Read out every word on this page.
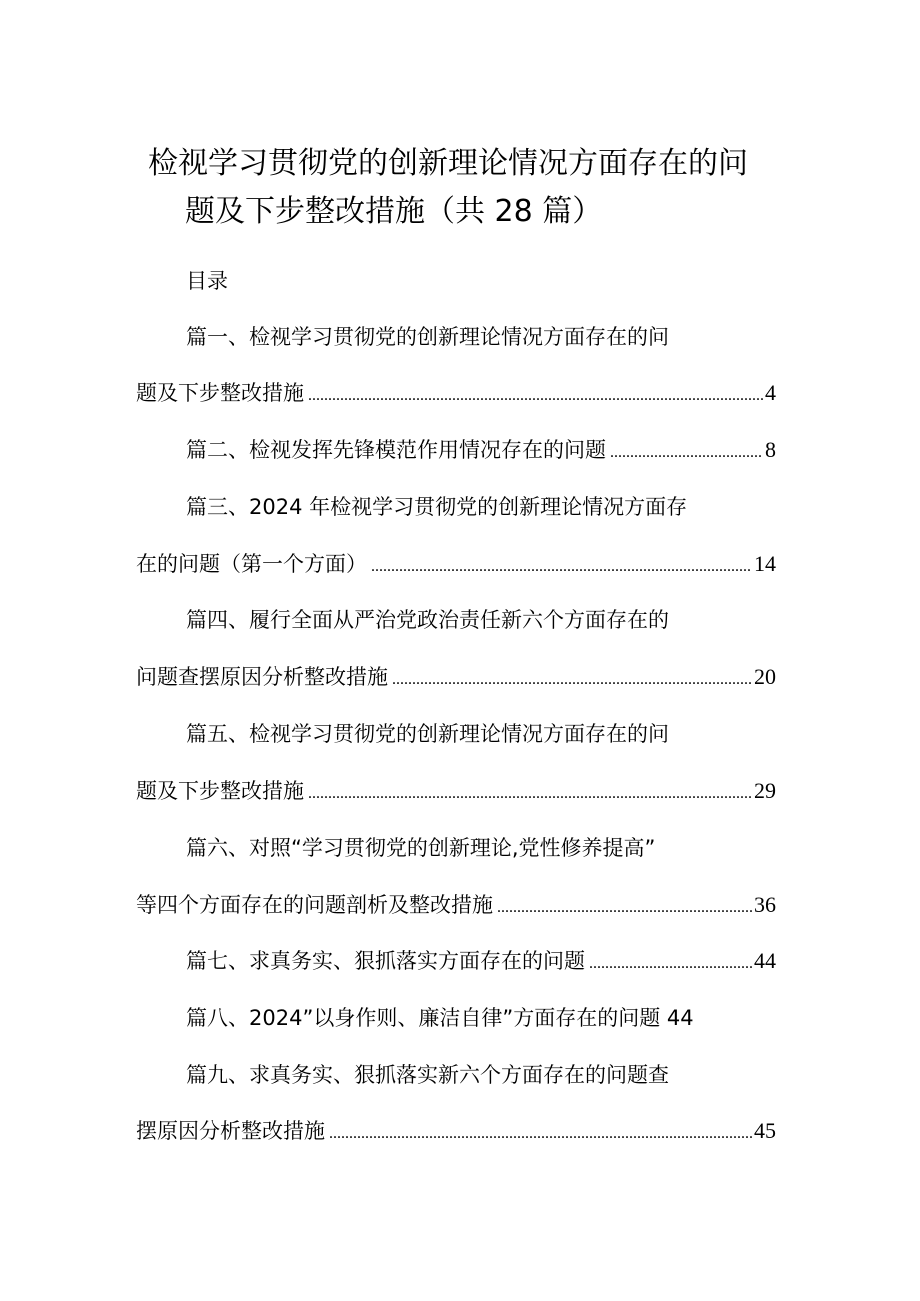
检视学习贯彻党的创新理论情况方面存在的问
题及下步整改措施（共 28 篇）
目录
篇一、检视学习贯彻党的创新理论情况方面存在的问
题及下步整改措施 .....	4
篇二、检视发挥先锋模范作用情况存在的问题 .....	8
篇三、2024 年检视学习贯彻党的创新理论情况方面存
在的问题（第一个方面） .....	14
篇四、履行全面从严治党政治责任新六个方面存在的
问题查摆原因分析整改措施 .....	20
篇五、检视学习贯彻党的创新理论情况方面存在的问
题及下步整改措施 .....	29
篇六、对照“学习贯彻党的创新理论,党性修养提高”
等四个方面存在的问题剖析及整改措施 .....	36
篇七、求真务实、狠抓落实方面存在的问题 .....	44
篇八、2024”以身作则、廉洁自律”方面存在的问题 44
篇九、求真务实、狠抓落实新六个方面存在的问题查
摆原因分析整改措施 .....	45
